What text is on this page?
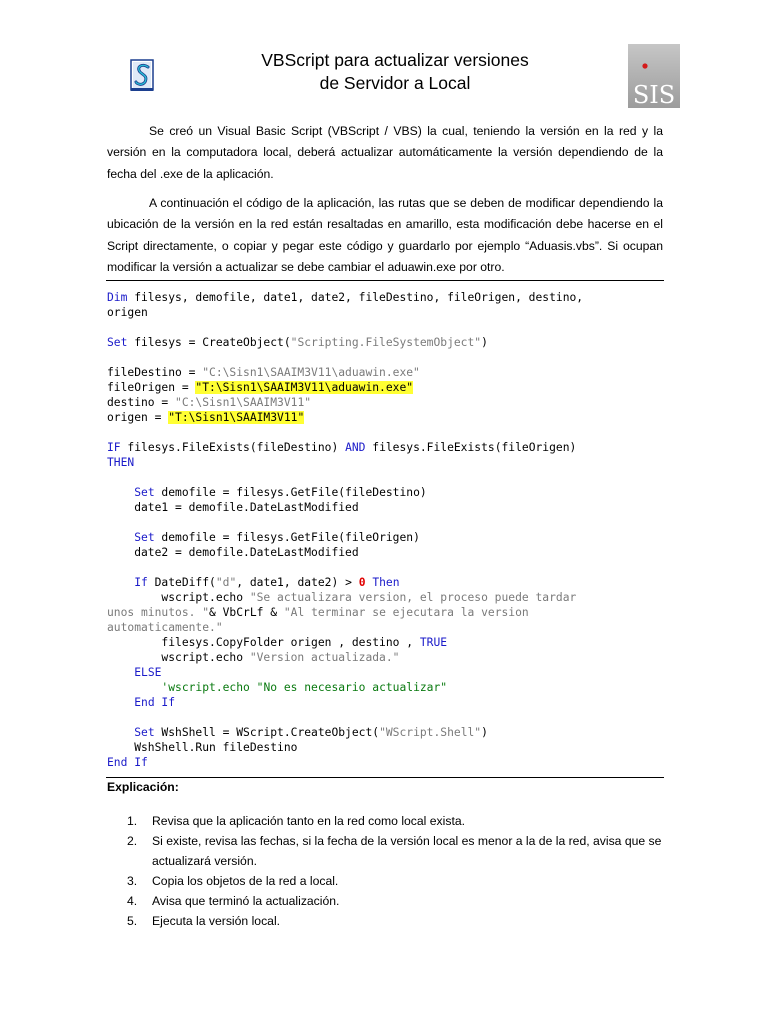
VBScript para actualizar versiones
de Servidor a Local	SIS
Se creó un Visual Basic Script (VBScript / VBS) la cual, teniendo la versión en la red y la versión en la computadora local, deberá actualizar automáticamente la versión dependiendo de la fecha del .exe de la aplicación.
A continuación el código de la aplicación, las rutas que se deben de modificar dependiendo la ubicación de la versión en la red están resaltadas en amarillo, esta modificación debe hacerse en el Script directamente, o copiar y pegar este código y guardarlo por ejemplo “Aduasis.vbs”. Si ocupan modificar la versión a actualizar se debe cambiar el aduawin.exe por otro.
Dim filesys, demofile, date1, date2, fileDestino, fileOrigen, destino,
origen

Set filesys = CreateObject("Scripting.FileSystemObject")

fileDestino = "C:\Sisn1\SAAIM3V11\aduawin.exe"
fileOrigen = "T:\Sisn1\SAAIM3V11\aduawin.exe"
destino = "C:\Sisn1\SAAIM3V11"
origen = "T:\Sisn1\SAAIM3V11"

IF filesys.FileExists(fileDestino) AND filesys.FileExists(fileOrigen)
THEN

Set demofile = filesys.GetFile(fileDestino)
date1 = demofile.DateLastModified

Set demofile = filesys.GetFile(fileOrigen)
date2 = demofile.DateLastModified

If DateDiff("d", date1, date2) > 0 Then
wscript.echo "Se actualizara version, el proceso puede tardar
unos minutos. "& VbCrLf & "Al terminar se ejecutara la version
automaticamente."
filesys.CopyFolder origen , destino , TRUE
wscript.echo "Version actualizada."
ELSE
'wscript.echo "No es necesario actualizar"
End If

Set WshShell = WScript.CreateObject("WScript.Shell")
WshShell.Run fileDestino
End If
Explicación:
1.	Revisa que la aplicación tanto en la red como local exista.
2.	Si existe, revisa las fechas, si la fecha de la versión local es menor a la de la red, avisa que se actualizará versión.
3.	Copia los objetos de la red a local.
4.	Avisa que terminó la actualización.
5.	Ejecuta la versión local.
